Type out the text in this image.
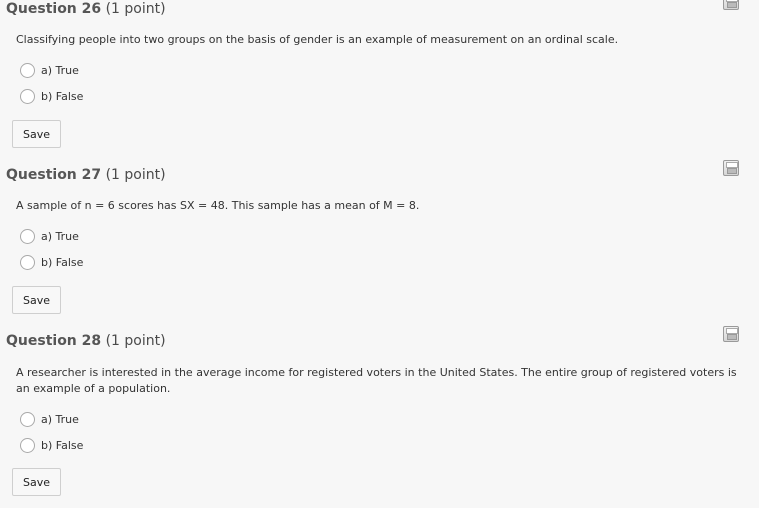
Question 26 (1 point)
Classifying people into two groups on the basis of gender is an example of measurement on an ordinal scale.
a) True
b) False
Save
Question 27 (1 point)
A sample of n = 6 scores has SX = 48. This sample has a mean of M = 8.
a) True
b) False
Save
Question 28 (1 point)
A researcher is interested in the average income for registered voters in the United States. The entire group of registered voters is an example of a population.
a) True
b) False
Save
